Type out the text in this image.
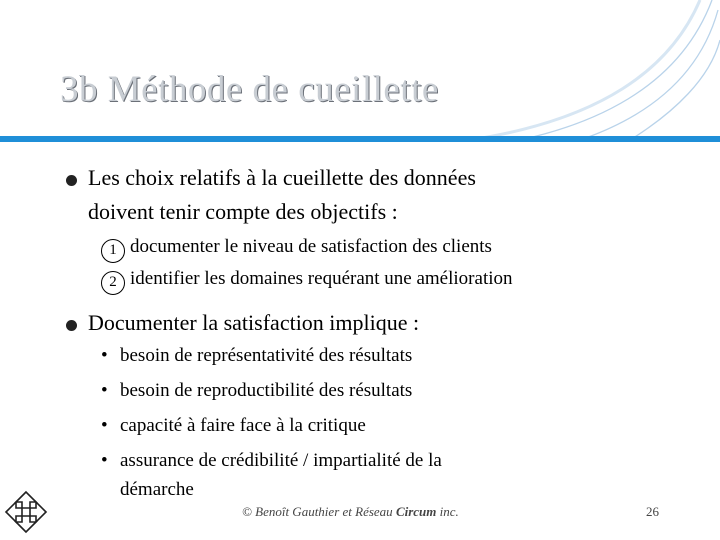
3b Méthode de cueillette
Les choix relatifs à la cueillette des données
doivent tenir compte des objectifs :
1 documenter le niveau de satisfaction des clients
2 identifier les domaines requérant une amélioration
Documenter la satisfaction implique :
• besoin de représentativité des résultats
• besoin de reproductibilité des résultats
• capacité à faire face à la critique
• assurance de crédibilité / impartialité de la
démarche
© Benoît Gauthier et Réseau Circum inc.	26
